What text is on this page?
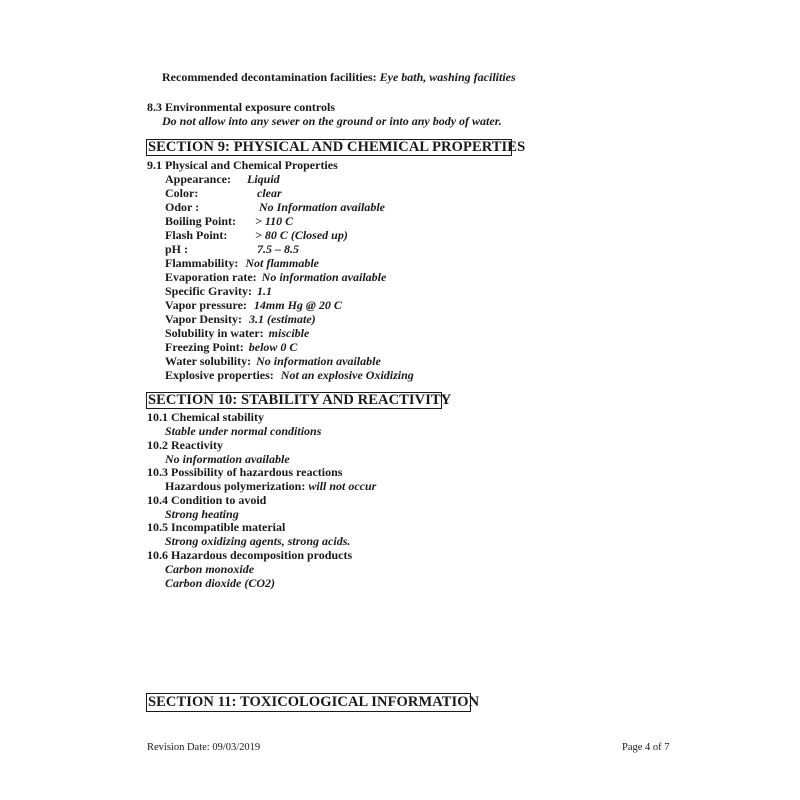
Recommended decontamination facilities: Eye bath, washing facilities
8.3 Environmental exposure controls
Do not allow into any sewer on the ground or into any body of water.
SECTION 9: PHYSICAL AND CHEMICAL PROPERTIES
9.1 Physical and Chemical Properties
Appearance: Liquid
Color:	clear
Odor :	No Information available
Boiling Point: > 110 C
Flash Point: > 80 C (Closed up)
pH :	7.5 – 8.5
Flammability: Not flammable
Evaporation rate: No information available
Specific Gravity: 1.1
Vapor pressure: 14mm Hg @ 20 C
Vapor Density: 3.1 (estimate)
Solubility in water: miscible
Freezing Point: below 0 C
Water solubility: No information available
Explosive properties: Not an explosive Oxidizing
SECTION 10: STABILITY AND REACTIVITY
10.1 Chemical stability
Stable under normal conditions
10.2 Reactivity
No information available
10.3 Possibility of hazardous reactions
Hazardous polymerization: will not occur
10.4 Condition to avoid
Strong heating
10.5 Incompatible material
Strong oxidizing agents, strong acids.
10.6 Hazardous decomposition products
Carbon monoxide
Carbon dioxide (CO2)
SECTION 11: TOXICOLOGICAL INFORMATION
Revision Date: 09/03/2019	Page 4 of 7
